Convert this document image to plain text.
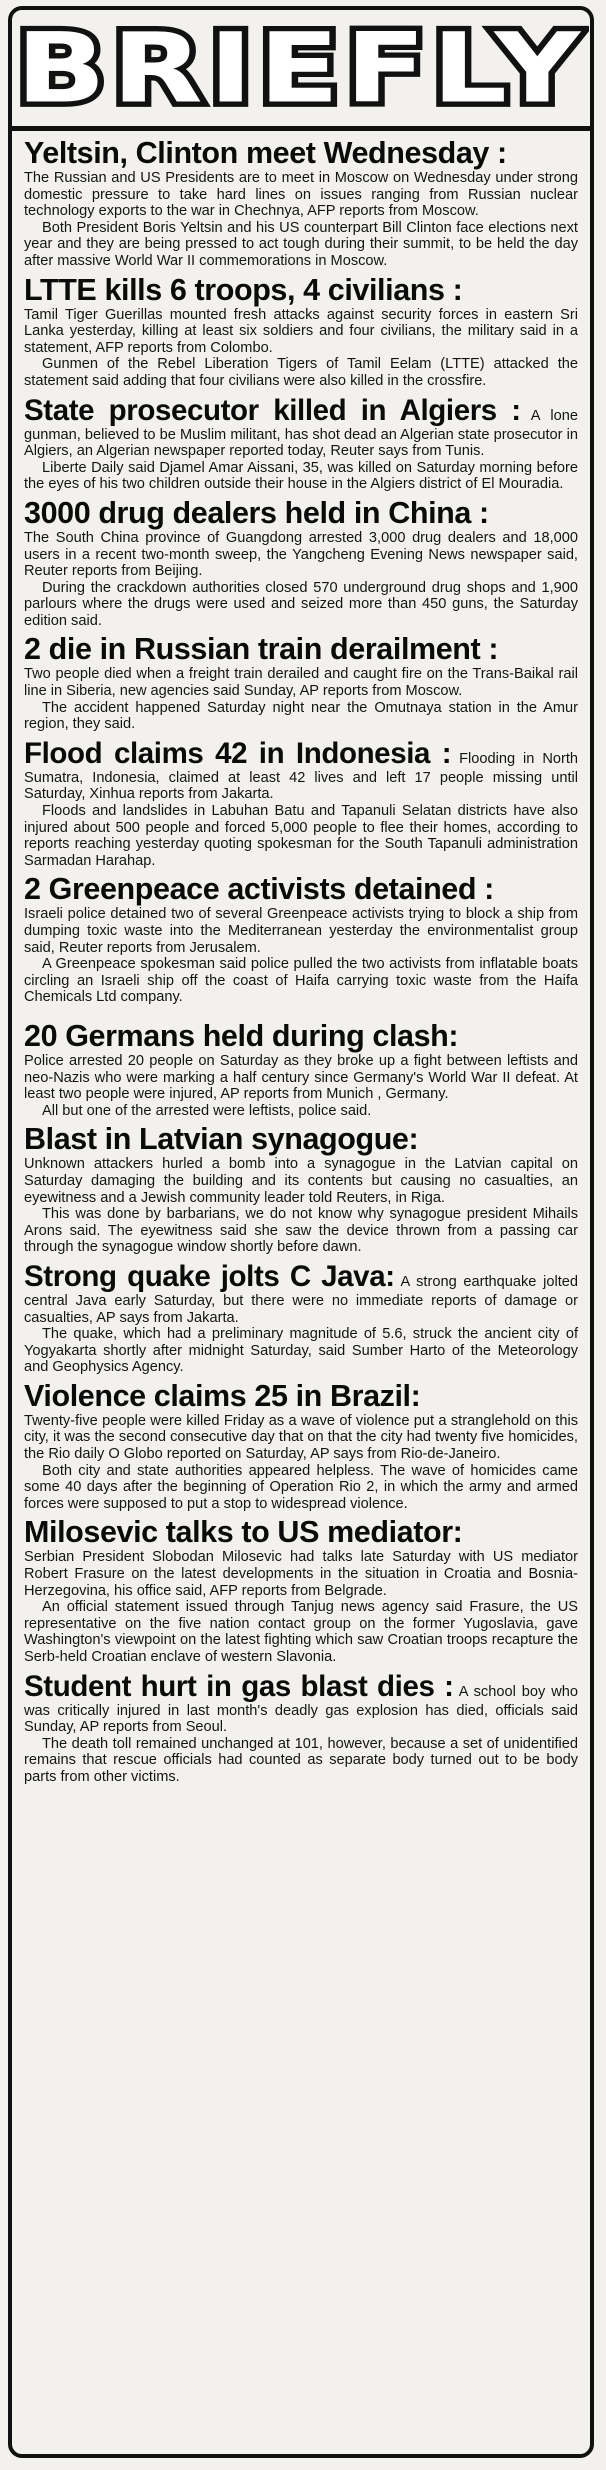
BRIEFLY
Yeltsin, Clinton meet Wednesday :

The Russian and US Presidents are to meet in Moscow on Wednesday under strong domestic pressure to take hard lines on issues ranging from Russian nuclear technology exports to the war in Chechnya, AFP reports from Moscow.

Both President Boris Yeltsin and his US counterpart Bill Clinton face elections next year and they are being pressed to act tough during their summit, to be held the day after massive World War II commemorations in Moscow.

LTTE kills 6 troops, 4 civilians :

Tamil Tiger Guerillas mounted fresh attacks against security forces in eastern Sri Lanka yesterday, killing at least six soldiers and four civilians, the military said in a statement, AFP reports from Colombo.

Gunmen of the Rebel Liberation Tigers of Tamil Eelam (LTTE) attacked the statement said adding that four civilians were also killed in the crossfire.

State prosecutor killed in Algiers : A lone gunman, believed to be Muslim militant, has shot dead an Algerian state prosecutor in Algiers, an Algerian newspaper reported today, Reuter says from Tunis.

Liberte Daily said Djamel Amar Aissani, 35, was killed on Saturday morning before the eyes of his two children outside their house in the Algiers district of El Mouradia.

3000 drug dealers held in China :

The South China province of Guangdong arrested 3,000 drug dealers and 18,000 users in a recent two-month sweep, the Yangcheng Evening News newspaper said, Reuter reports from Beijing.

During the crackdown authorities closed 570 underground drug shops and 1,900 parlours where the drugs were used and seized more than 450 guns, the Saturday edition said.

2 die in Russian train derailment :

Two people died when a freight train derailed and caught fire on the Trans-Baikal rail line in Siberia, new agencies said Sunday, AP reports from Moscow.

The accident happened Saturday night near the Omutnaya station in the Amur region, they said.

Flood claims 42 in Indonesia : Flooding in North Sumatra, Indonesia, claimed at least 42 lives and left 17 people missing until Saturday, Xinhua reports from Jakarta.

Floods and landslides in Labuhan Batu and Tapanuli Selatan districts have also injured about 500 people and forced 5,000 people to flee their homes, according to reports reaching yesterday quoting spokesman for the South Tapanuli administration Sarmadan Harahap.

2 Greenpeace activists detained :

Israeli police detained two of several Greenpeace activists trying to block a ship from dumping toxic waste into the Mediterranean yesterday the environmentalist group said, Reuter reports from Jerusalem.

A Greenpeace spokesman said police pulled the two activists from inflatable boats circling an Israeli ship off the coast of Haifa carrying toxic waste from the Haifa Chemicals Ltd company.

20 Germans held during clash:

Police arrested 20 people on Saturday as they broke up a fight between leftists and neo-Nazis who were marking a half century since Germany's World War II defeat. At least two people were injured, AP reports from Munich , Germany.

All but one of the arrested were leftists, police said.

Blast in Latvian synagogue:

Unknown attackers hurled a bomb into a synagogue in the Latvian capital on Saturday damaging the building and its contents but causing no casualties, an eyewitness and a Jewish community leader told Reuters, in Riga.

This was done by barbarians, we do not know why synagogue president Mihails Arons said. The eyewitness said she saw the device thrown from a passing car through the synagogue window shortly before dawn.

Strong quake jolts C Java: A strong earthquake jolted central Java early Saturday, but there were no immediate reports of damage or casualties, AP says from Jakarta.

The quake, which had a preliminary magnitude of 5.6, struck the ancient city of Yogyakarta shortly after midnight Saturday, said Sumber Harto of the Meteorology and Geophysics Agency.

Violence claims 25 in Brazil:

Twenty-five people were killed Friday as a wave of violence put a stranglehold on this city, it was the second consecutive day that on that the city had twenty five homicides, the Rio daily O Globo reported on Saturday, AP says from Rio-de-Janeiro.

Both city and state authorities appeared helpless. The wave of homicides came some 40 days after the beginning of Operation Rio 2, in which the army and armed forces were supposed to put a stop to widespread violence.

Milosevic talks to US mediator:

Serbian President Slobodan Milosevic had talks late Saturday with US mediator Robert Frasure on the latest developments in the situation in Croatia and Bosnia- Herzegovina, his office said, AFP reports from Belgrade.

An official statement issued through Tanjug news agency said Frasure, the US representative on the five nation contact group on the former Yugoslavia, gave Washington's viewpoint on the latest fighting which saw Croatian troops recapture the Serb-held Croatian enclave of western Slavonia.

Student hurt in gas blast dies : A school boy who was critically injured in last month's deadly gas explosion has died, officials said Sunday, AP reports from Seoul.

The death toll remained unchanged at 101, however, because a set of unidentified remains that rescue officials had counted as separate body turned out to be body parts from other victims.
